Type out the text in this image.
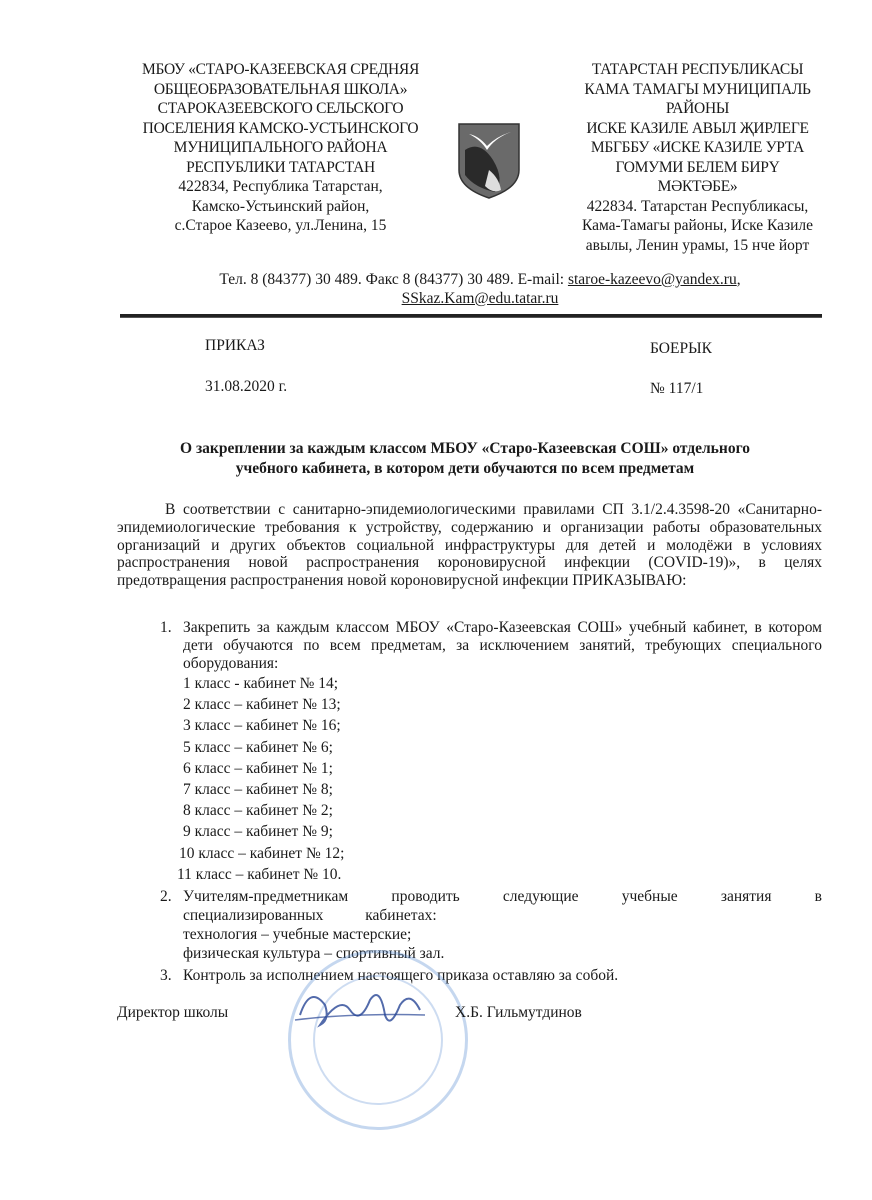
МБОУ «СТАРО-КАЗЕЕВСКАЯ СРЕДНЯЯ
ОБЩЕОБРАЗОВАТЕЛЬНАЯ ШКОЛА»
СТАРОКАЗЕЕВСКОГО СЕЛЬСКОГО
ПОСЕЛЕНИЯ КАМСКО-УСТЬИНСКОГО
МУНИЦИПАЛЬНОГО РАЙОНА
РЕСПУБЛИКИ ТАТАРСТАН
422834, Республика Татарстан,
Камско-Устьинский район,
с.Старое Казеево, ул.Ленина, 15
ТАТАРСТАН РЕСПУБЛИКАСЫ
КАМА ТАМАГЫ МУНИЦИПАЛЬ
РАЙОНЫ
ИСКЕ КАЗИЛЕ АВЫЛ ҖИРЛЕГЕ
МБГББУ «ИСКЕ КАЗИЛЕ УРТА
ГОМУМИ БЕЛЕМ БИРҮ
МӘКТӘБЕ»
422834. Татарстан Республикасы,
Кама-Тамагы районы, Иске Казиле
авылы, Ленин урамы, 15 нче йорт
Тел. 8 (84377) 30 489. Факс 8 (84377) 30 489. E-mail: staroe-kazeevo@yandex.ru,
SSkaz.Kam@edu.tatar.ru
ПРИКАЗ	БОЕРЫК
31.08.2020 г.	№ 117/1
О закреплении за каждым классом МБОУ «Старо-Казеевская СОШ» отдельного
учебного кабинета, в котором дети обучаются по всем предметам

В соответствии с санитарно-эпидемиологическими правилами СП 3.1/2.4.3598-20 «Санитарно-эпидемиологические требования к устройству, содержанию и организации работы образовательных организаций и других объектов социальной инфраструктуры для детей и молодёжи в условиях распространения новой распространения короновирусной инфекции (COVID-19)», в целях предотвращения распространения новой короновирусной инфекции ПРИКАЗЫВАЮ:

1. Закрепить за каждым классом МБОУ «Старо-Казеевская СОШ» учебный кабинет, в котором дети обучаются по всем предметам, за исключением занятий, требующих специального оборудования:
1 класс - кабинет № 14;
2 класс – кабинет № 13;
3 класс – кабинет № 16;
5 класс – кабинет № 6;
6 класс – кабинет № 1;
7 класс – кабинет № 8;
8 класс – кабинет № 2;
9 класс – кабинет № 9;
10 класс – кабинет № 12;
11 класс – кабинет № 10.
2. Учителям-предметникам проводить следующие учебные занятия в специализированных кабинетах:
технология – учебные мастерские;
физическая культура – спортивный зал.
3. Контроль за исполнением настоящего приказа оставляю за собой.
Директор школы	Х.Б. Гильмутдинов
